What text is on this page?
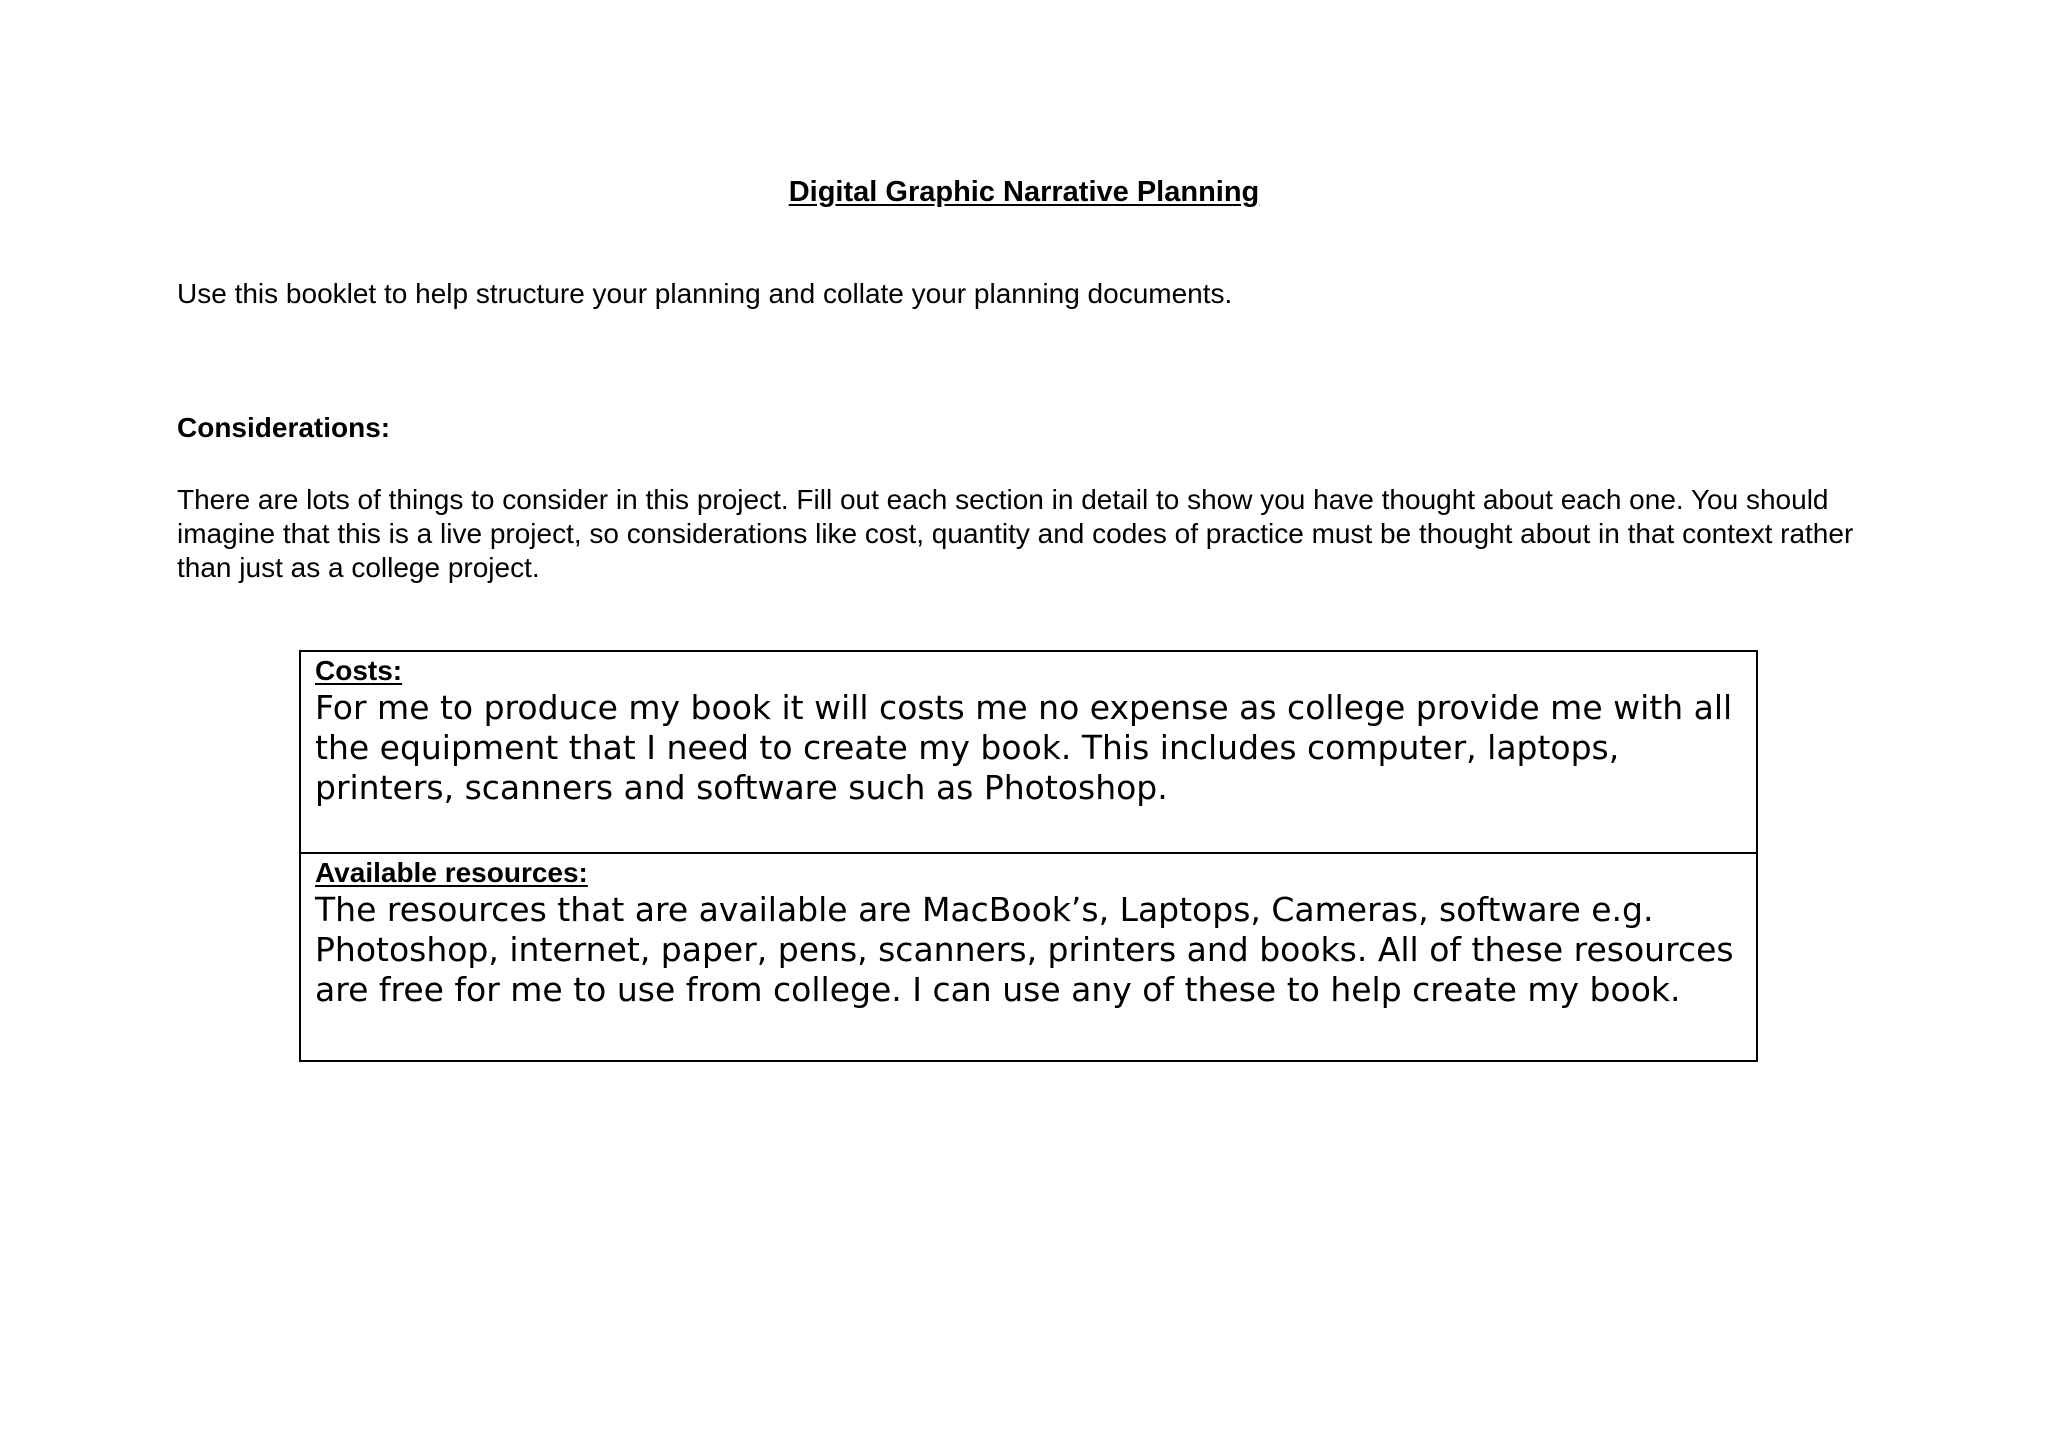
Digital Graphic Narrative Planning
Use this booklet to help structure your planning and collate your planning documents.
Considerations:
There are lots of things to consider in this project. Fill out each section in detail to show you have thought about each one. You should imagine that this is a live project, so considerations like cost, quantity and codes of practice must be thought about in that context rather than just as a college project.
Costs:
For me to produce my book it will costs me no expense as college provide me with all the equipment that I need to create my book. This includes computer, laptops, printers, scanners and software such as Photoshop.
Available resources:
The resources that are available are MacBook’s, Laptops, Cameras, software e.g. Photoshop, internet, paper, pens, scanners, printers and books. All of these resources are free for me to use from college. I can use any of these to help create my book.
